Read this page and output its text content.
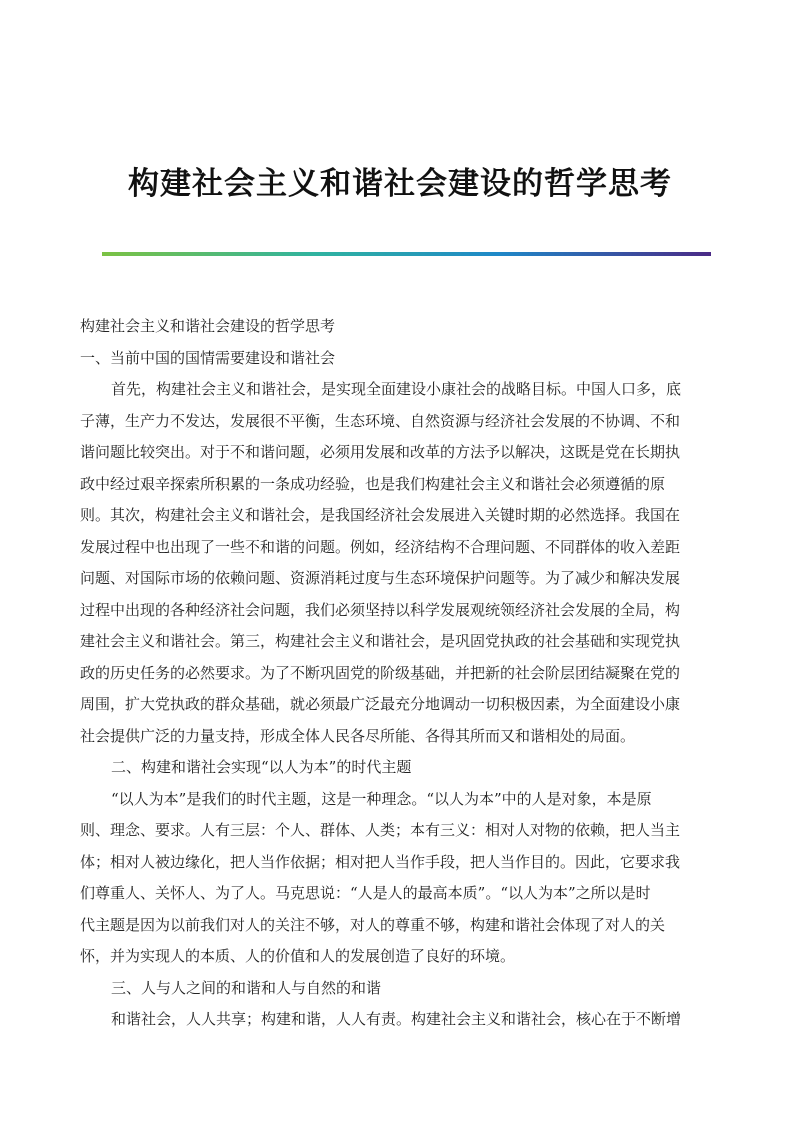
构建社会主义和谐社会建设的哲学思考

构建社会主义和谐社会建设的哲学思考

一、当前中国的国情需要建设和谐社会

首先，构建社会主义和谐社会，是实现全面建设小康社会的战略目标。中国人口多，底
子薄，生产力不发达，发展很不平衡，生态环境、自然资源与经济社会发展的不协调、不和
谐问题比较突出。对于不和谐问题，必须用发展和改革的方法予以解决，这既是党在长期执
政中经过艰辛探索所积累的一条成功经验，也是我们构建社会主义和谐社会必须遵循的原
则。其次，构建社会主义和谐社会，是我国经济社会发展进入关键时期的必然选择。我国在
发展过程中也出现了一些不和谐的问题。例如，经济结构不合理问题、不同群体的收入差距
问题、对国际市场的依赖问题、资源消耗过度与生态环境保护问题等。为了减少和解决发展
过程中出现的各种经济社会问题，我们必须坚持以科学发展观统领经济社会发展的全局，构
建社会主义和谐社会。第三，构建社会主义和谐社会，是巩固党执政的社会基础和实现党执
政的历史任务的必然要求。为了不断巩固党的阶级基础，并把新的社会阶层团结凝聚在党的
周围，扩大党执政的群众基础，就必须最广泛最充分地调动一切积极因素，为全面建设小康
社会提供广泛的力量支持，形成全体人民各尽所能、各得其所而又和谐相处的局面。

二、构建和谐社会实现“以人为本”的时代主题

“以人为本”是我们的时代主题，这是一种理念。“以人为本”中的人是对象，本是原
则、理念、要求。人有三层：个人、群体、人类；本有三义：相对人对物的依赖，把人当主
体；相对人被边缘化，把人当作依据；相对把人当作手段，把人当作目的。因此，它要求我
们尊重人、关怀人、为了人。马克思说：“人是人的最高本质”。“以人为本”之所以是时
代主题是因为以前我们对人的关注不够，对人的尊重不够，构建和谐社会体现了对人的关
怀，并为实现人的本质、人的价值和人的发展创造了良好的环境。

三、人与人之间的和谐和人与自然的和谐

和谐社会，人人共享；构建和谐，人人有责。构建社会主义和谐社会，核心在于不断增
